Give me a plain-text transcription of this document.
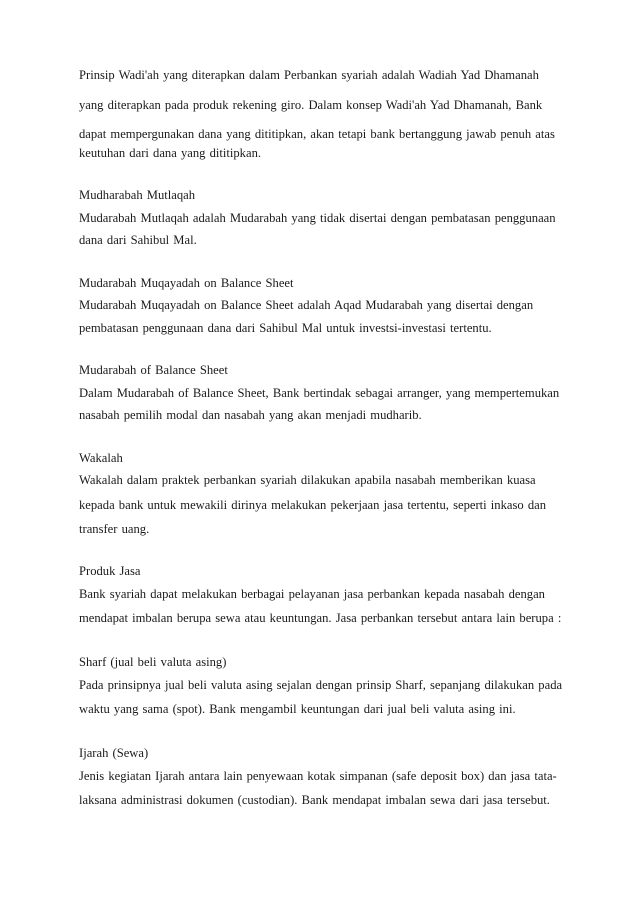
Prinsip Wadi'ah yang diterapkan dalam Perbankan syariah adalah Wadiah Yad Dhamanah
yang diterapkan pada produk rekening giro. Dalam konsep Wadi'ah Yad Dhamanah, Bank
dapat mempergunakan dana yang dititipkan, akan tetapi bank bertanggung jawab penuh atas
keutuhan dari dana yang dititipkan.
Mudharabah Mutlaqah
Mudarabah Mutlaqah adalah Mudarabah yang tidak disertai dengan pembatasan penggunaan
dana dari Sahibul Mal.
Mudarabah Muqayadah on Balance Sheet
Mudarabah Muqayadah on Balance Sheet adalah Aqad Mudarabah yang disertai dengan
pembatasan penggunaan dana dari Sahibul Mal untuk investsi-investasi tertentu.
Mudarabah of Balance Sheet
Dalam Mudarabah of Balance Sheet, Bank bertindak sebagai arranger, yang mempertemukan
nasabah pemilih modal dan nasabah yang akan menjadi mudharib.
Wakalah
Wakalah dalam praktek perbankan syariah dilakukan apabila nasabah memberikan kuasa
kepada bank untuk mewakili dirinya melakukan pekerjaan jasa tertentu, seperti inkaso dan
transfer uang.
Produk Jasa
Bank syariah dapat melakukan berbagai pelayanan jasa perbankan kepada nasabah dengan
mendapat imbalan berupa sewa atau keuntungan. Jasa perbankan tersebut antara lain berupa :
Sharf (jual beli valuta asing)
Pada prinsipnya jual beli valuta asing sejalan dengan prinsip Sharf, sepanjang dilakukan pada
waktu yang sama (spot). Bank mengambil keuntungan dari jual beli valuta asing ini.
Ijarah (Sewa)
Jenis kegiatan Ijarah antara lain penyewaan kotak simpanan (safe deposit box) dan jasa tata-
laksana administrasi dokumen (custodian). Bank mendapat imbalan sewa dari jasa tersebut.
